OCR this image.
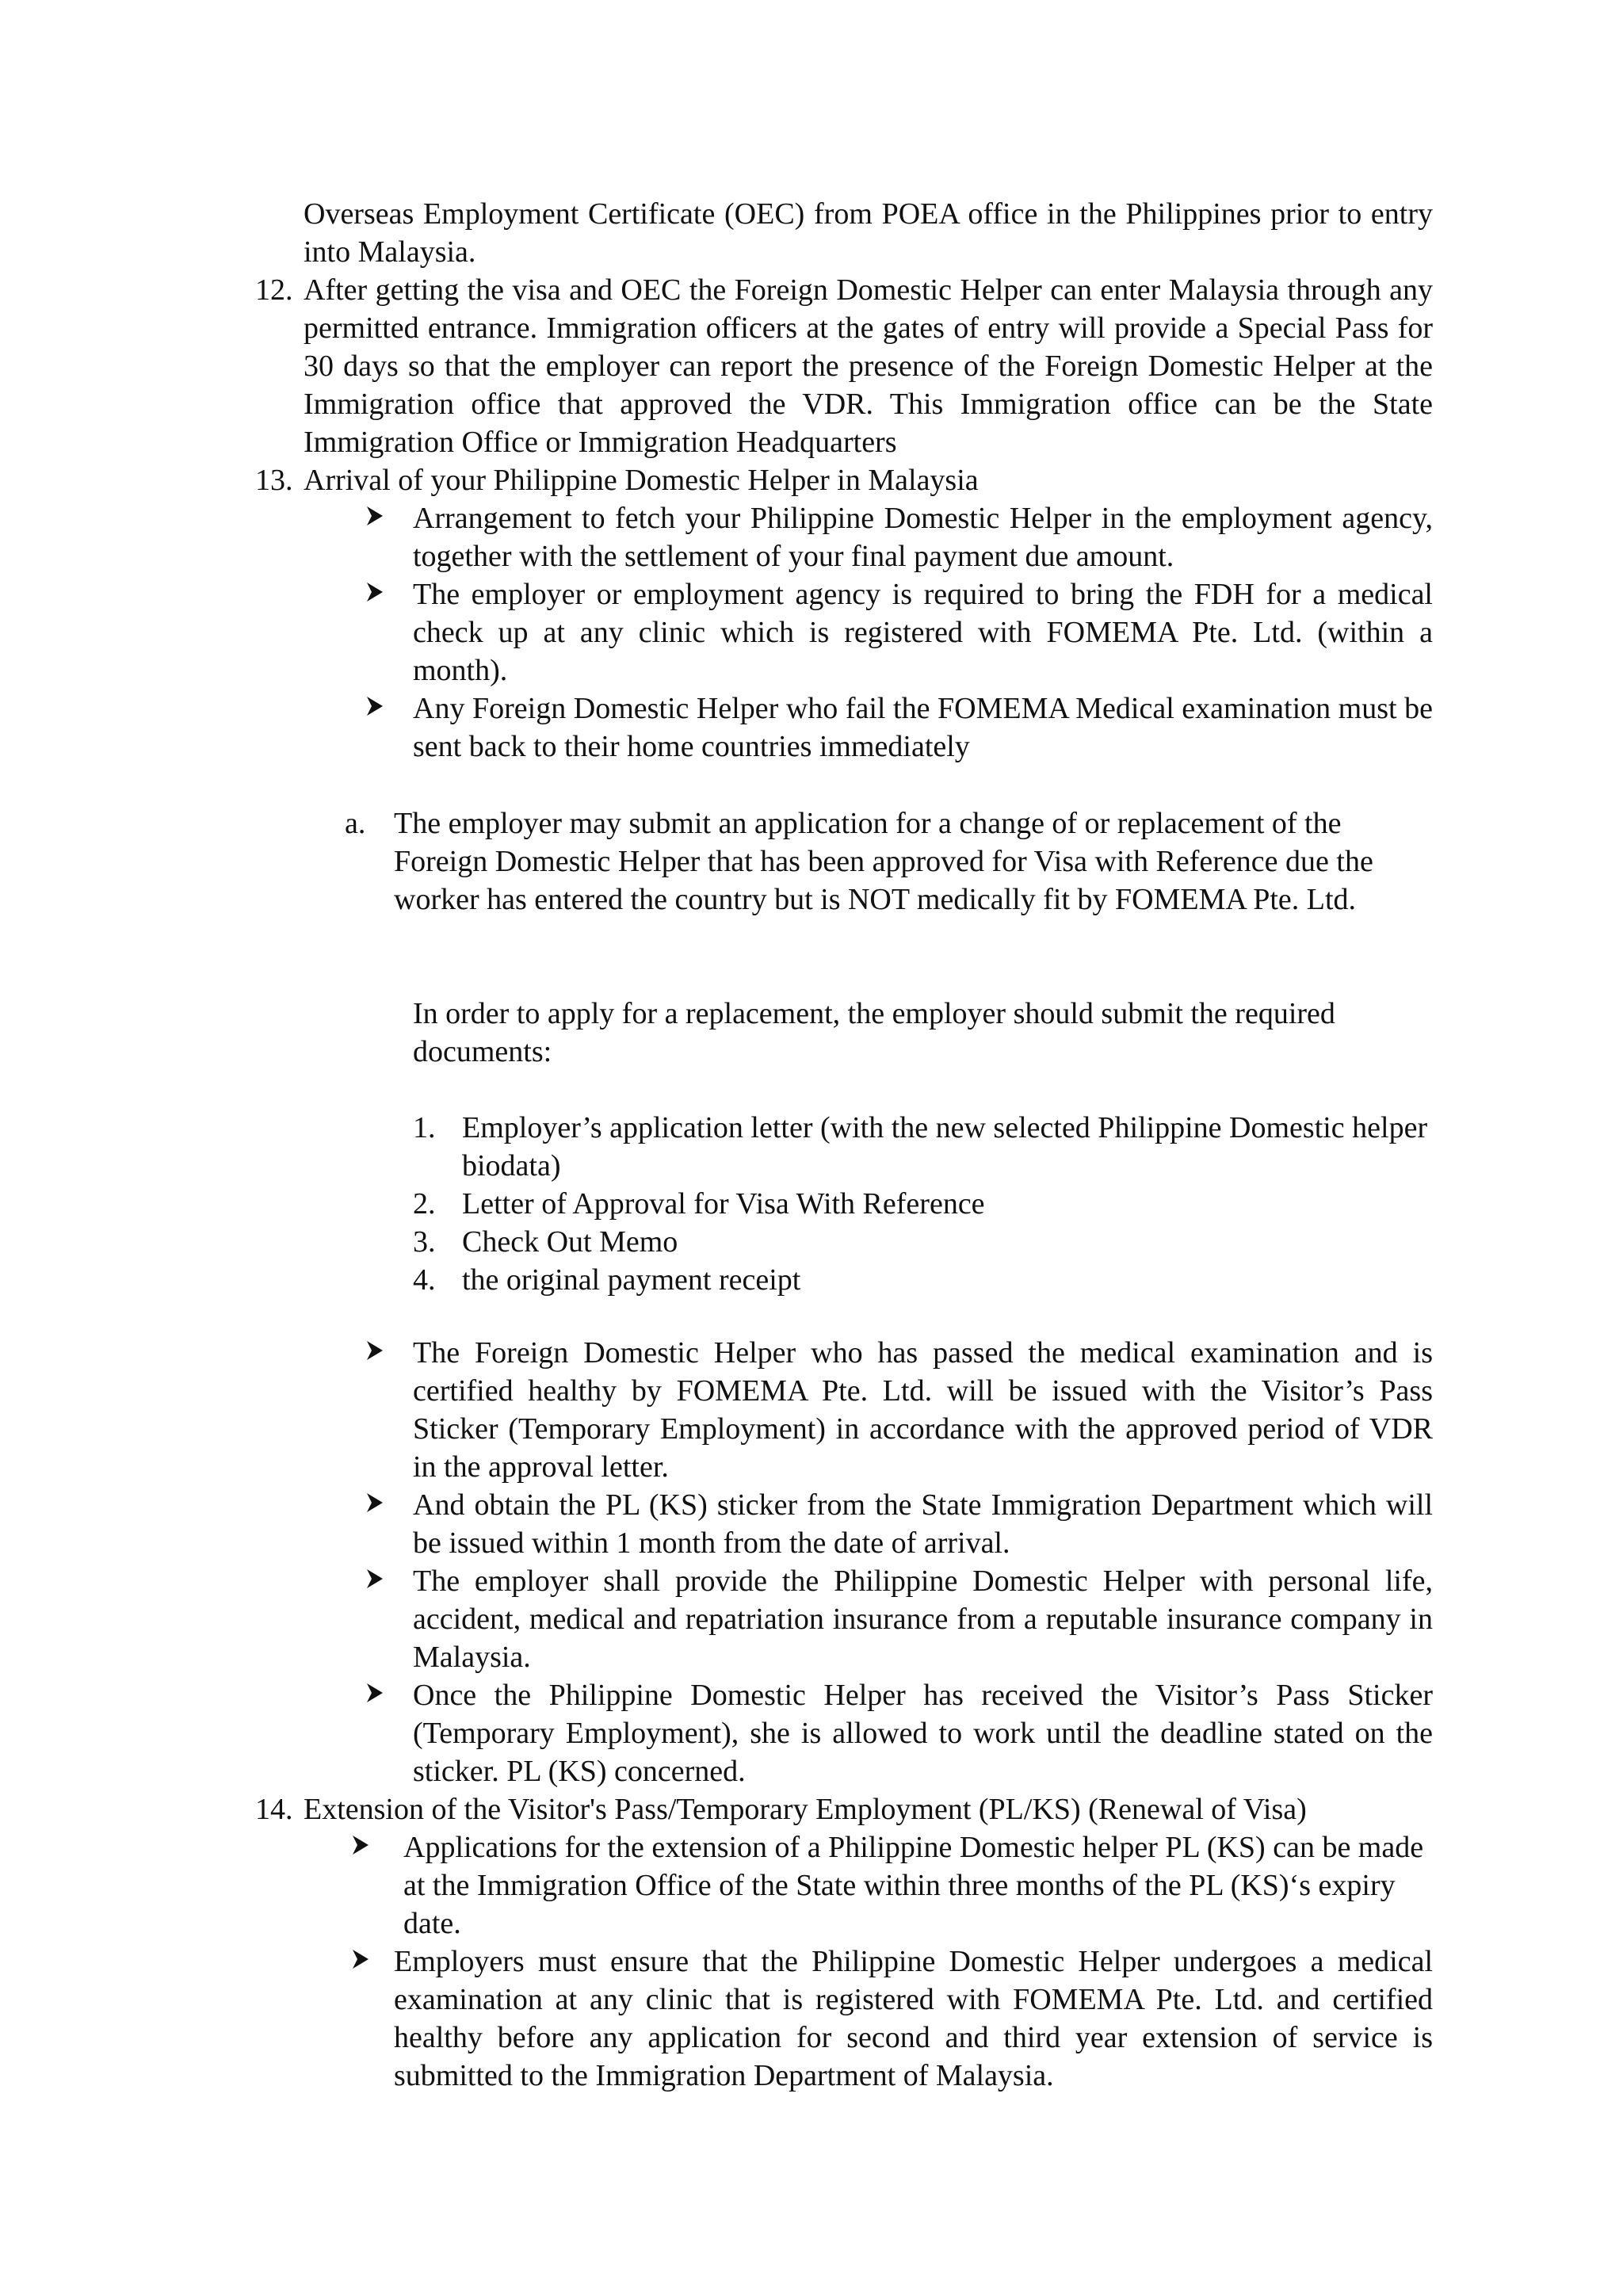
Overseas Employment Certificate (OEC) from POEA office in the Philippines prior to entry into Malaysia.

12. After getting the visa and OEC the Foreign Domestic Helper can enter Malaysia through any permitted entrance. Immigration officers at the gates of entry will provide a Special Pass for 30 days so that the employer can report the presence of the Foreign Domestic Helper at the Immigration office that approved the VDR. This Immigration office can be the State Immigration Office or Immigration Headquarters

13. Arrival of your Philippine Domestic Helper in Malaysia

Arrangement to fetch your Philippine Domestic Helper in the employment agency, together with the settlement of your final payment due amount.

The employer or employment agency is required to bring the FDH for a medical check up at any clinic which is registered with FOMEMA Pte. Ltd. (within a month).

Any Foreign Domestic Helper who fail the FOMEMA Medical examination must be sent back to their home countries immediately

a. The employer may submit an application for a change of or replacement of the Foreign Domestic Helper that has been approved for Visa with Reference due the worker has entered the country but is NOT medically fit by FOMEMA Pte. Ltd.

In order to apply for a replacement, the employer should submit the required documents:

1. Employer’s application letter (with the new selected Philippine Domestic helper biodata)

2. Letter of Approval for Visa With Reference

3. Check Out Memo

4. the original payment receipt

The Foreign Domestic Helper who has passed the medical examination and is certified healthy by FOMEMA Pte. Ltd. will be issued with the Visitor’s Pass Sticker (Temporary Employment) in accordance with the approved period of VDR in the approval letter.

And obtain the PL (KS) sticker from the State Immigration Department which will be issued within 1 month from the date of arrival.

The employer shall provide the Philippine Domestic Helper with personal life, accident, medical and repatriation insurance from a reputable insurance company in Malaysia.

Once the Philippine Domestic Helper has received the Visitor’s Pass Sticker (Temporary Employment), she is allowed to work until the deadline stated on the sticker. PL (KS) concerned.

14. Extension of the Visitor's Pass/Temporary Employment (PL/KS) (Renewal of Visa)

Applications for the extension of a Philippine Domestic helper PL (KS) can be made at the Immigration Office of the State within three months of the PL (KS)‘s expiry date.

Employers must ensure that the Philippine Domestic Helper undergoes a medical examination at any clinic that is registered with FOMEMA Pte. Ltd. and certified healthy before any application for second and third year extension of service is submitted to the Immigration Department of Malaysia.
